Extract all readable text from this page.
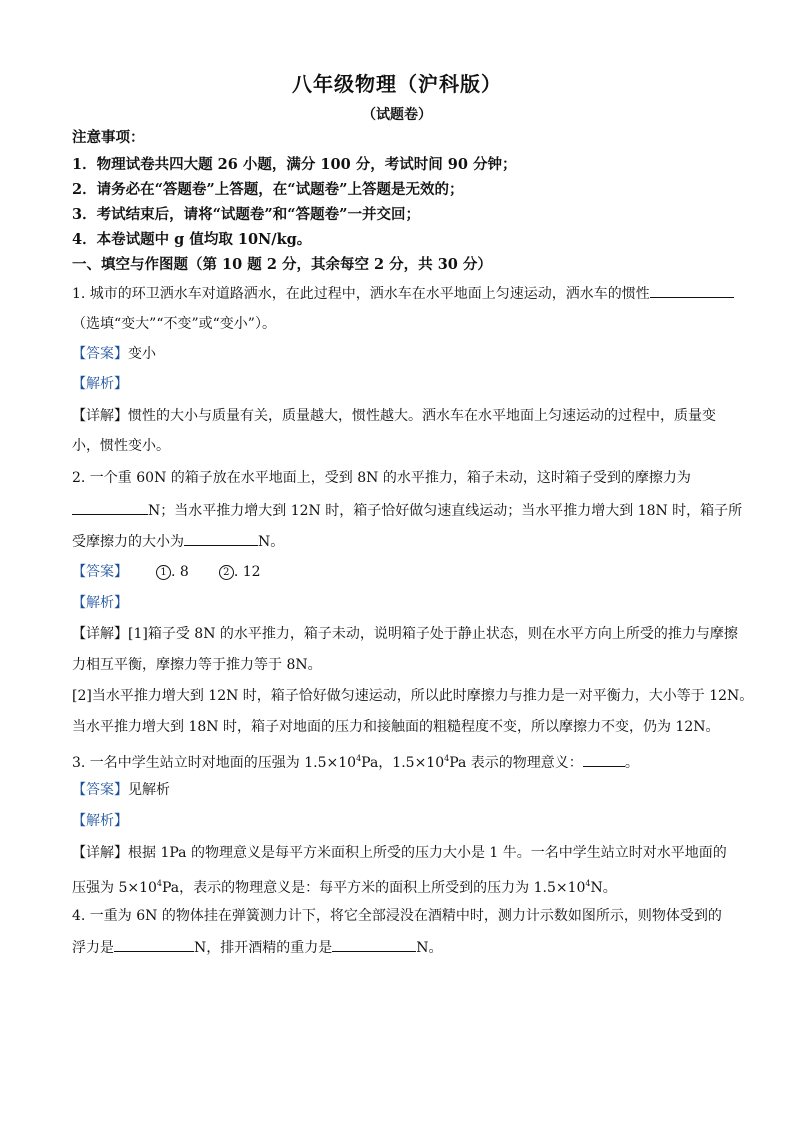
八年级物理（沪科版）
（试题卷）
注意事项：
1．物理试卷共四大题 26 小题，满分 100 分，考试时间 90 分钟；
2．请务必在“答题卷”上答题，在“试题卷”上答题是无效的；
3．考试结束后，请将“试题卷”和“答题卷”一并交回；
4．本卷试题中 g 值均取 10N/kg。
一、填空与作图题（第 10 题 2 分，其余每空 2 分，共 30 分）
1. 城市的环卫洒水车对道路洒水，在此过程中，洒水车在水平地面上匀速运动，洒水车的惯性
（选填“变大”“不变”或“变小”）。
【答案】变小
【解析】
【详解】惯性的大小与质量有关，质量越大，惯性越大。洒水车在水平地面上匀速运动的过程中，质量变
小，惯性变小。
2. 一个重 60N 的箱子放在水平地面上，受到 8N 的水平推力，箱子未动，这时箱子受到的摩擦力为
N；当水平推力增大到 12N 时，箱子恰好做匀速直线运动；当水平推力增大到 18N 时，箱子所
受摩擦力的大小为	N。
【答案】	1 . 8	2 . 12
【解析】
【详解】[1]箱子受 8N 的水平推力，箱子未动，说明箱子处于静止状态，则在水平方向上所受的推力与摩擦
力相互平衡，摩擦力等于推力等于 8N。
[2]当水平推力增大到 12N 时，箱子恰好做匀速运动，所以此时摩擦力与推力是一对平衡力，大小等于 12N。
当水平推力增大到 18N 时，箱子对地面的压力和接触面的粗糙程度不变，所以摩擦力不变，仍为 12N。
3. 一名中学生站立时对地面的压强为 $1.5\times 10^4Pa$，$1.5\times 10^4Pa$ 表示的物理意义：	。
【答案】见解析
【解析】
【详解】根据 1Pa 的物理意义是每平方米面积上所受的压力大小是 1 牛。一名中学生站立时对水平地面的
压强为 $5\times 10^4Pa$，表示的物理意义是：每平方米的面积上所受到的压力为 $1.5\times 10^4N$。
4. 一重为 6N 的物体挂在弹簧测力计下，将它全部浸没在酒精中时，测力计示数如图所示，则物体受到的
浮力是	N，排开酒精的重力是	N。
